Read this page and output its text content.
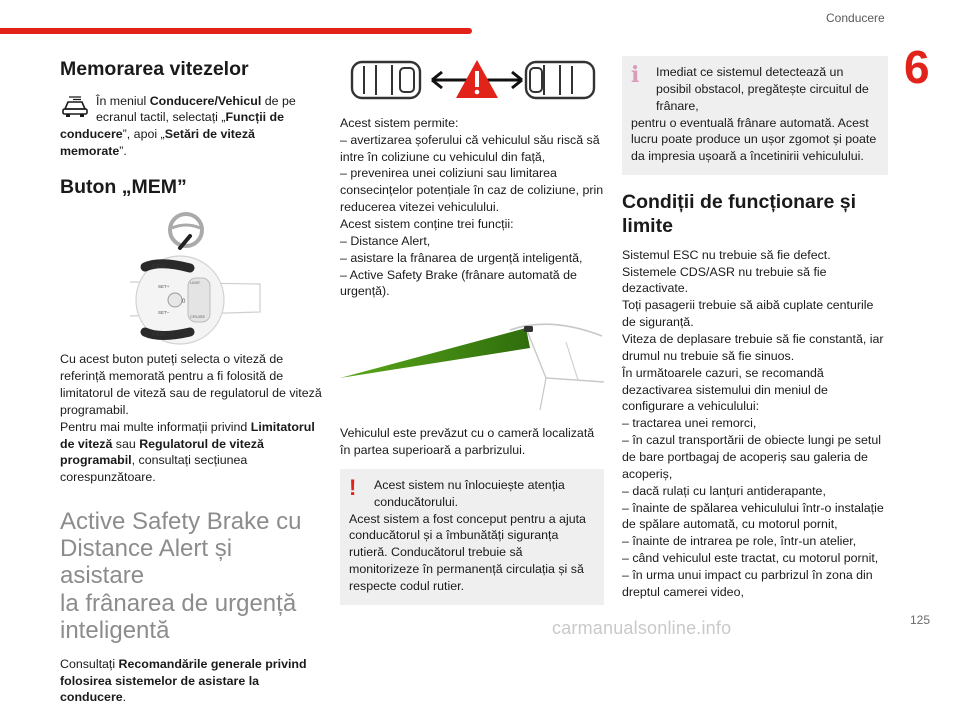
Conducere
6
Memorarea vitezelor
În meniul Conducere/Vehicul de pe ecranul tactil, selectați „Funcții de conducere”, apoi „Setări de viteză memorate”.
Buton „MEM”
MEM
MEM
SET+
SET–
0
LIMIT
CRUISE

Cu acest buton puteți selecta o viteză de referință memorată pentru a fi folosită de limitatorul de viteză sau de regulatorul de viteză programabil.

Pentru mai multe informații privind Limitatorul de viteză sau Regulatorul de viteză programabil, consultați secțiunea corespunzătoare.

Active Safety Brake cu
Distance Alert și asistare
la frânarea de urgență
inteligentă

Consultați Recomandările generale privind folosirea sistemelor de asistare la conducere.

Acest sistem permite:

– avertizarea șoferului că vehiculul său riscă să intre în coliziune cu vehiculul din față,

– prevenirea unei coliziuni sau limitarea consecințelor potențiale în caz de coliziune, prin reducerea vitezei vehiculului.

Acest sistem conține trei funcții:

– Distance Alert,

– asistare la frânarea de urgență inteligentă,

– Active Safety Brake (frânare automată de urgență).

Vehiculul este prevăzut cu o cameră localizată în partea superioară a parbrizului.

!	Acest sistem nu înlocuiește atenția conducătorului.

Acest sistem a fost conceput pentru a ajuta conducătorul și a îmbunătăți siguranța rutieră. Conducătorul trebuie să monitorizeze în permanență circulația și să respecte codul rutier.

i	Imediat ce sistemul detectează un posibil obstacol, pregătește circuitul de frânare,

pentru o eventuală frânare automată. Acest lucru poate produce un ușor zgomot și poate da impresia ușoară a încetinirii vehiculului.

Condiții de funcționare și limite

Sistemul ESC nu trebuie să fie defect.

Sistemele CDS/ASR nu trebuie să fie dezactivate.

Toți pasagerii trebuie să aibă cuplate centurile de siguranță.

Viteza de deplasare trebuie să fie constantă, iar drumul nu trebuie să fie sinuos.

În următoarele cazuri, se recomandă dezactivarea sistemului din meniul de configurare a vehiculului:

– tractarea unei remorci,

– în cazul transportării de obiecte lungi pe setul de bare portbagaj de acoperiș sau galeria de acoperiș,

– dacă rulați cu lanțuri antiderapante,

– înainte de spălarea vehiculului într-o instalație de spălare automată, cu motorul pornit,

– înainte de intrarea pe role, într-un atelier,

– când vehiculul este tractat, cu motorul pornit,

– în urma unui impact cu parbrizul în zona din dreptul camerei video,

125
carmanualsonline.info
